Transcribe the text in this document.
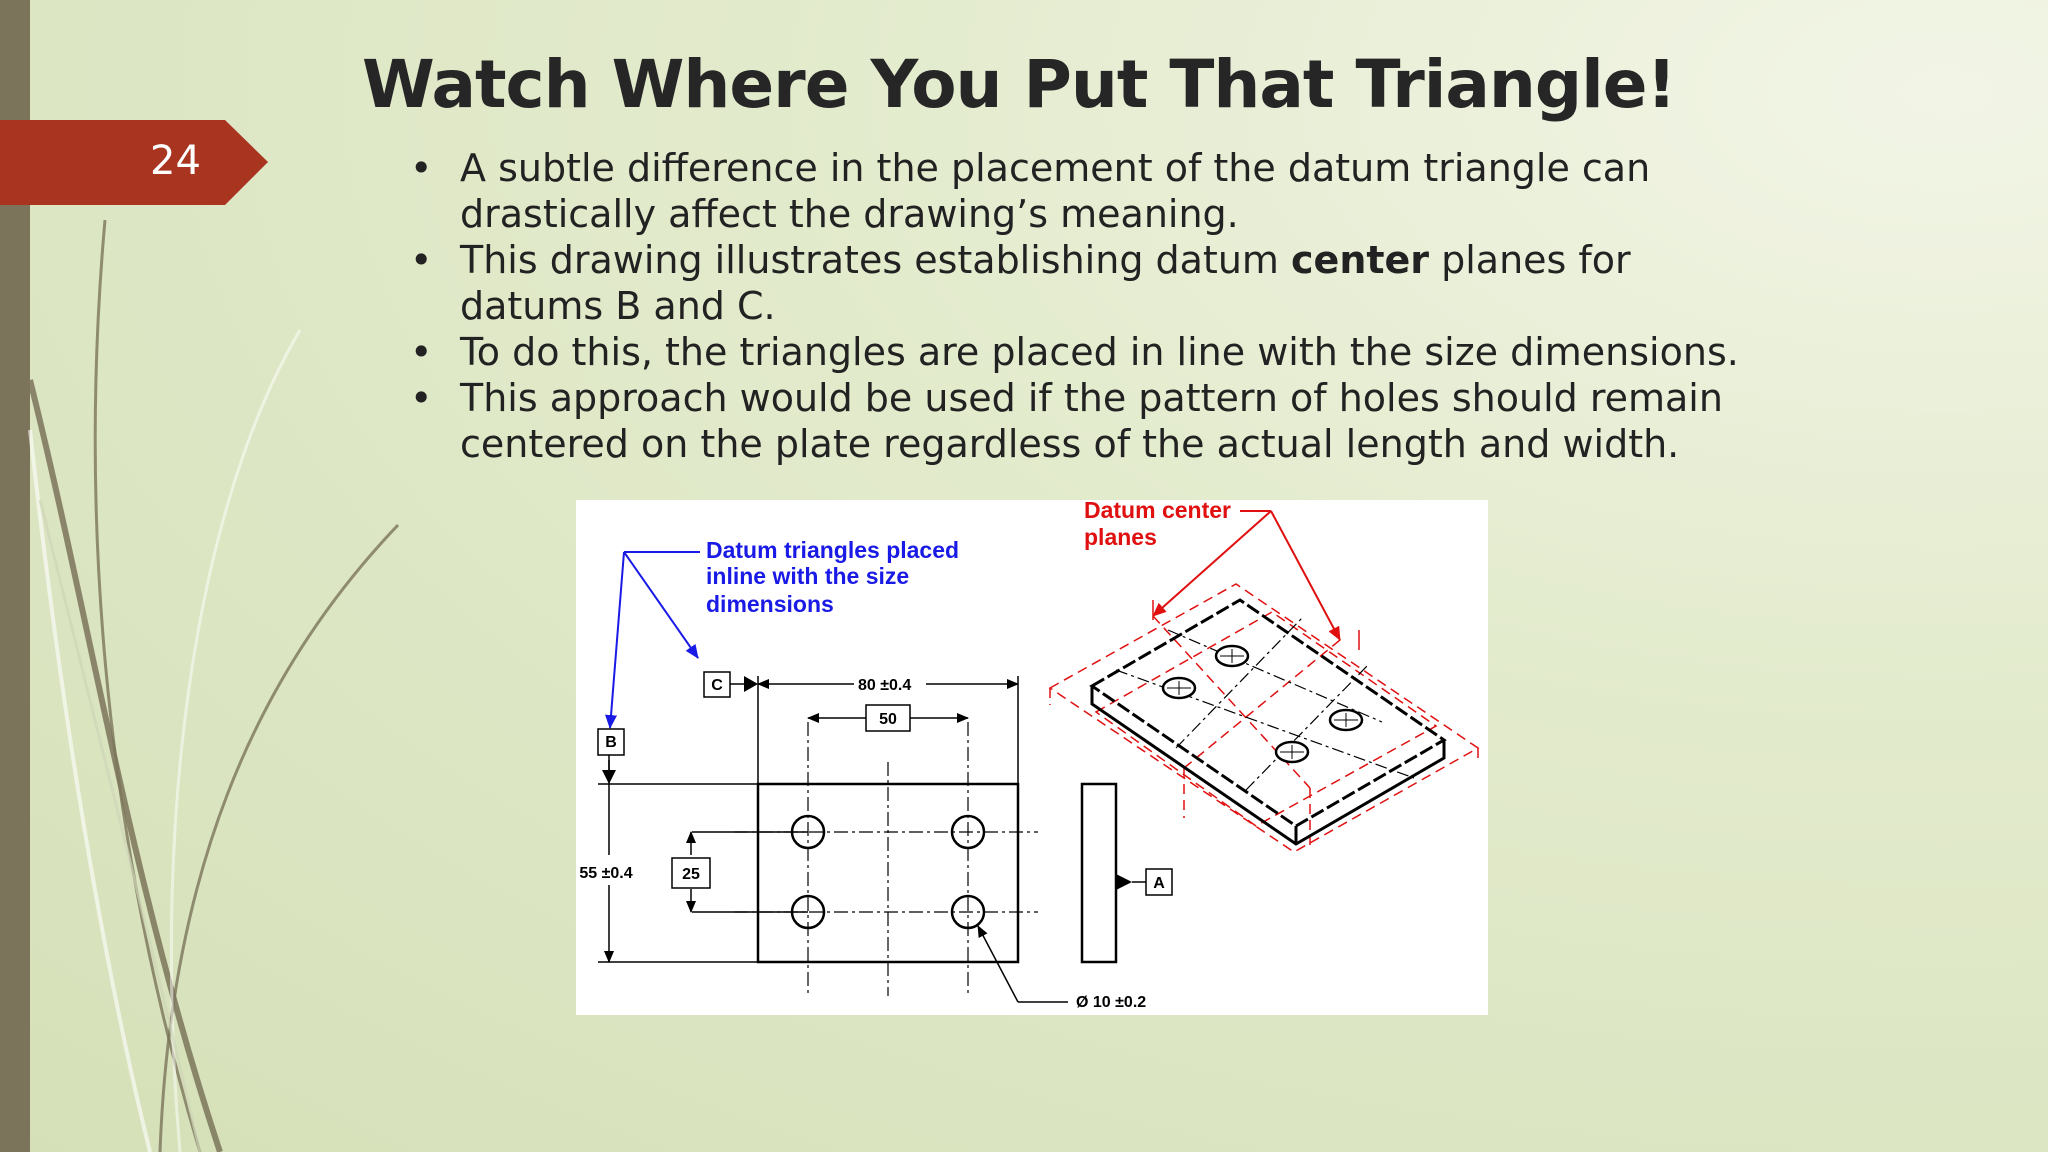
24
Watch Where You Put That Triangle!
• A subtle difference in the placement of the datum triangle can drastically affect the drawing’s meaning.
• This drawing illustrates establishing datum center planes for datums B and C.
• To do this, the triangles are placed in line with the size dimensions.
• This approach would be used if the pattern of holes should remain centered on the plate regardless of the actual length and width.
Datum triangles placed
inline with the size
dimensions
Datum center
planes
80 ±0.4
C
50
B
55 ±0.4	25
A
Ø 10 ±0.2
